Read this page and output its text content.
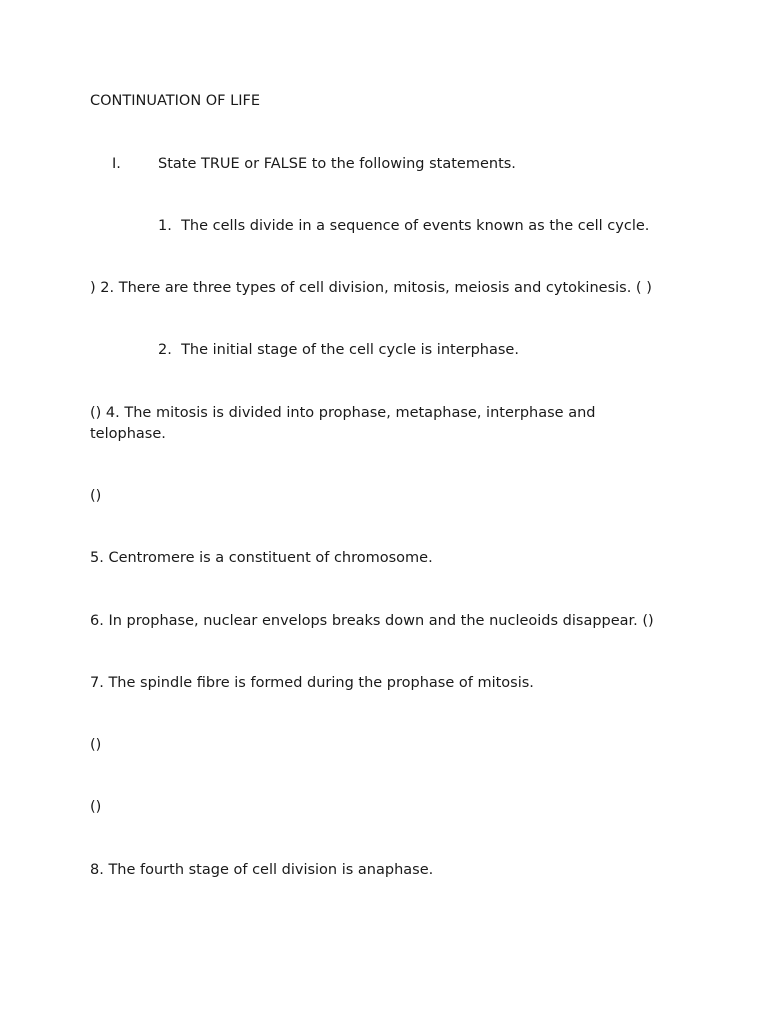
CONTINUATION OF LIFE
I.	State TRUE or FALSE to the following statements.
1. The cells divide in a sequence of events known as the cell cycle.
) 2. There are three types of cell division, mitosis, meiosis and cytokinesis. ( )
2. The initial stage of the cell cycle is interphase.
() 4. The mitosis is divided into prophase, metaphase, interphase and telophase.
()
5. Centromere is a constituent of chromosome.
6. In prophase, nuclear envelops breaks down and the nucleoids disappear. ()
7. The spindle fibre is formed during the prophase of mitosis.
()
()
8. The fourth stage of cell division is anaphase.
